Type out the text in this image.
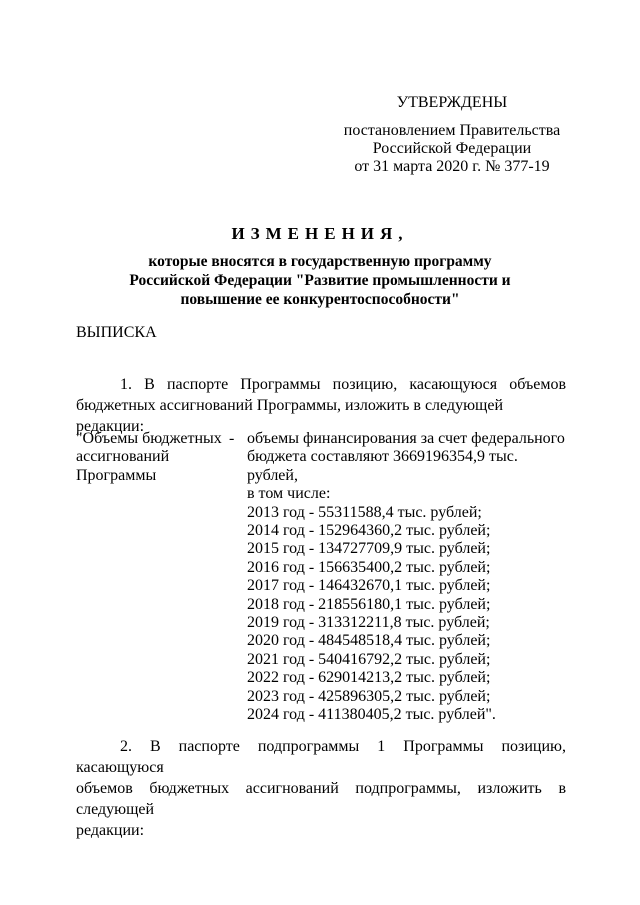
УТВЕРЖДЕНЫ
постановлением Правительства
Российской Федерации
от 31 марта 2020 г. № 377-19
ИЗМЕНЕНИЯ,
которые вносятся в государственную программу
Российской Федерации "Развитие промышленности и
повышение ее конкурентоспособности"
ВЫПИСКА
1. В паспорте Программы позицию, касающуюся объемов
бюджетных ассигнований Программы, изложить в следующей редакции:
"Объемы бюджетных
ассигнований
Программы
- объемы финансирования за счет федерального
бюджета составляют 3669196354,9 тыс.
рублей,
в том числе:
2013 год - 55311588,4 тыс. рублей;
2014 год - 152964360,2 тыс. рублей;
2015 год - 134727709,9 тыс. рублей;
2016 год - 156635400,2 тыс. рублей;
2017 год - 146432670,1 тыс. рублей;
2018 год - 218556180,1 тыс. рублей;
2019 год - 313312211,8 тыс. рублей;
2020 год - 484548518,4 тыс. рублей;
2021 год - 540416792,2 тыс. рублей;
2022 год - 629014213,2 тыс. рублей;
2023 год - 425896305,2 тыс. рублей;
2024 год - 411380405,2 тыс. рублей".
2. В паспорте подпрограммы 1 Программы позицию, касающуюся
объемов бюджетных ассигнований подпрограммы, изложить в следующей
редакции:
